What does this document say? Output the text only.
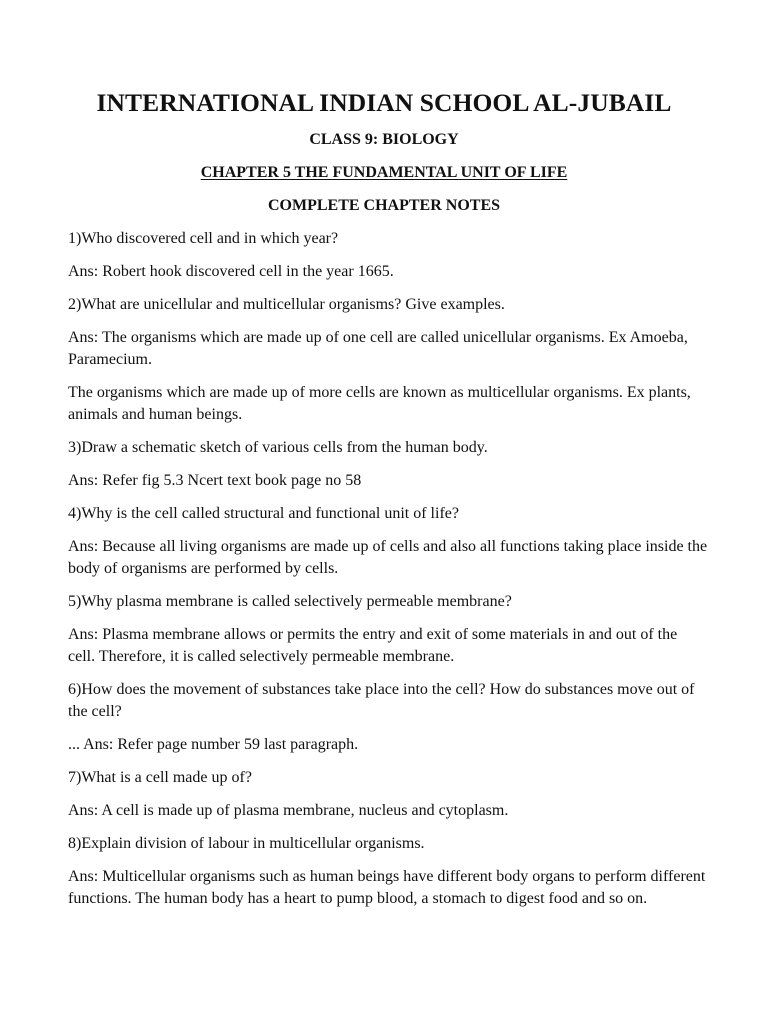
INTERNATIONAL INDIAN SCHOOL AL-JUBAIL

CLASS 9: BIOLOGY

CHAPTER 5 THE FUNDAMENTAL UNIT OF LIFE

COMPLETE CHAPTER NOTES

1)Who discovered cell and in which year?

Ans: Robert hook discovered cell in the year 1665.

2)What are unicellular and multicellular organisms? Give examples.

Ans: The organisms which are made up of one cell are called unicellular organisms. Ex Amoeba, Paramecium.

The organisms which are made up of more cells are known as multicellular organisms. Ex plants, animals and human beings.

3)Draw a schematic sketch of various cells from the human body.

Ans: Refer fig 5.3 Ncert text book page no 58

4)Why is the cell called structural and functional unit of life?

Ans: Because all living organisms are made up of cells and also all functions taking place inside the body of organisms are performed by cells.

5)Why plasma membrane is called selectively permeable membrane?

Ans: Plasma membrane allows or permits the entry and exit of some materials in and out of the cell. Therefore, it is called selectively permeable membrane.

6)How does the movement of substances take place into the cell? How do substances move out of the cell?

... Ans: Refer page number 59 last paragraph.

7)What is a cell made up of?

Ans: A cell is made up of plasma membrane, nucleus and cytoplasm.

8)Explain division of labour in multicellular organisms.

Ans: Multicellular organisms such as human beings have different body organs to perform different functions. The human body has a heart to pump blood, a stomach to digest food and so on.
